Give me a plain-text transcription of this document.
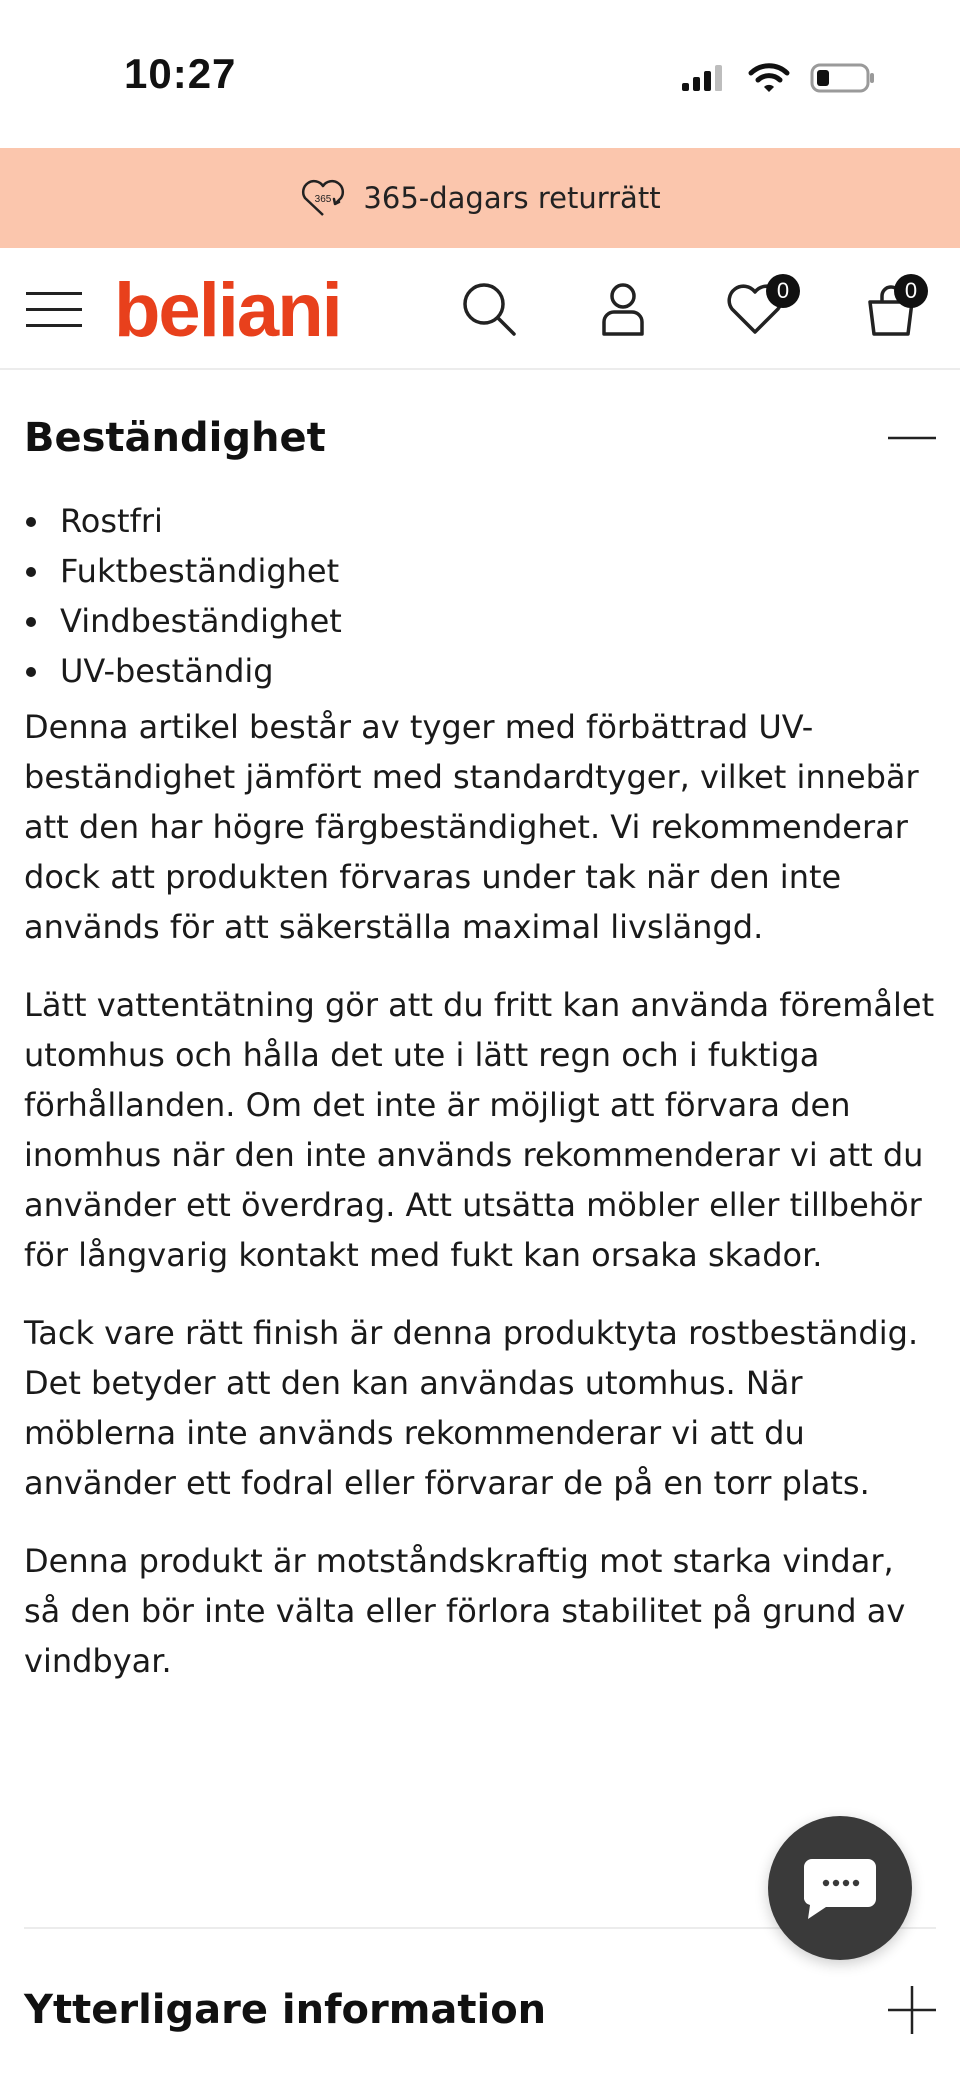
10:27
365 365-dagars returrätt
beliani	0	0
Beständighet
Rostfri
Fuktbeständighet
Vindbeständighet
UV-beständig

Denna artikel består av tyger med förbättrad UV-beständighet jämfört med standardtyger, vilket innebär att den har högre färgbeständighet. Vi rekommenderar dock att produkten förvaras under tak när den inte används för att säkerställa maximal livslängd.

Lätt vattentätning gör att du fritt kan använda föremålet utomhus och hålla det ute i lätt regn och i fuktiga förhållanden. Om det inte är möjligt att förvara den inomhus när den inte används rekommenderar vi att du använder ett överdrag. Att utsätta möbler eller tillbehör för långvarig kontakt med fukt kan orsaka skador.

Tack vare rätt finish är denna produktyta rostbeständig. Det betyder att den kan användas utomhus. När möblerna inte används rekommenderar vi att du använder ett fodral eller förvarar de på en torr plats.

Denna produkt är motståndskraftig mot starka vindar, så den bör inte välta eller förlora stabilitet på grund av vindbyar.

Ytterligare information
